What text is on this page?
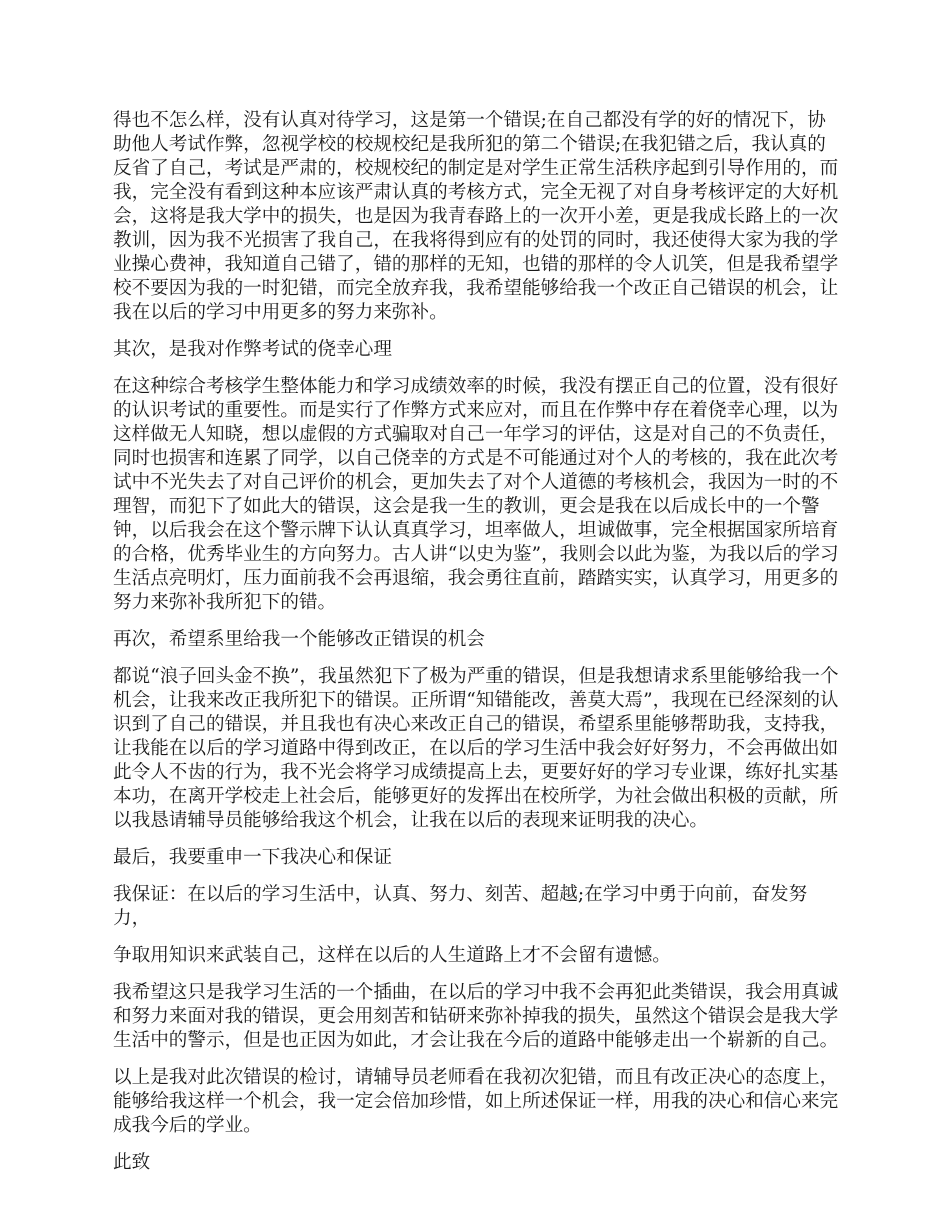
得也不怎么样，没有认真对待学习，这是第一个错误;在自己都没有学的好的情况下，协助他人考试作弊，忽视学校的校规校纪是我所犯的第二个错误;在我犯错之后，我认真的反省了自己，考试是严肃的，校规校纪的制定是对学生正常生活秩序起到引导作用的，而我，完全没有看到这种本应该严肃认真的考核方式，完全无视了对自身考核评定的大好机会，这将是我大学中的损失，也是因为我青春路上的一次开小差，更是我成长路上的一次教训，因为我不光损害了我自己，在我将得到应有的处罚的同时，我还使得大家为我的学业操心费神，我知道自己错了，错的那样的无知，也错的那样的令人讥笑，但是我希望学校不要因为我的一时犯错，而完全放弃我，我希望能够给我一个改正自己错误的机会，让我在以后的学习中用更多的努力来弥补。

其次，是我对作弊考试的侥幸心理

在这种综合考核学生整体能力和学习成绩效率的时候，我没有摆正自己的位置，没有很好的认识考试的重要性。而是实行了作弊方式来应对，而且在作弊中存在着侥幸心理，以为这样做无人知晓，想以虚假的方式骗取对自己一年学习的评估，这是对自己的不负责任，同时也损害和连累了同学，以自己侥幸的方式是不可能通过对个人的考核的，我在此次考试中不光失去了对自己评价的机会，更加失去了对个人道德的考核机会，我因为一时的不理智，而犯下了如此大的错误，这会是我一生的教训，更会是我在以后成长中的一个警钟，以后我会在这个警示牌下认认真真学习，坦率做人，坦诚做事，完全根据国家所培育的合格，优秀毕业生的方向努力。古人讲“以史为鉴”，我则会以此为鉴，为我以后的学习生活点亮明灯，压力面前我不会再退缩，我会勇往直前，踏踏实实，认真学习，用更多的努力来弥补我所犯下的错。

再次，希望系里给我一个能够改正错误的机会

都说“浪子回头金不换”，我虽然犯下了极为严重的错误，但是我想请求系里能够给我一个机会，让我来改正我所犯下的错误。正所谓“知错能改，善莫大焉”，我现在已经深刻的认识到了自己的错误，并且我也有决心来改正自己的错误，希望系里能够帮助我，支持我，让我能在以后的学习道路中得到改正，在以后的学习生活中我会好好努力，不会再做出如此令人不齿的行为，我不光会将学习成绩提高上去，更要好好的学习专业课，练好扎实基本功，在离开学校走上社会后，能够更好的发挥出在校所学，为社会做出积极的贡献，所以我恳请辅导员能够给我这个机会，让我在以后的表现来证明我的决心。

最后，我要重申一下我决心和保证

我保证：在以后的学习生活中，认真、努力、刻苦、超越;在学习中勇于向前，奋发努力，

争取用知识来武装自己，这样在以后的人生道路上才不会留有遗憾。

我希望这只是我学习生活的一个插曲，在以后的学习中我不会再犯此类错误，我会用真诚和努力来面对我的错误，更会用刻苦和钻研来弥补掉我的损失，虽然这个错误会是我大学生活中的警示，但是也正因为如此，才会让我在今后的道路中能够走出一个崭新的自己。

以上是我对此次错误的检讨，请辅导员老师看在我初次犯错，而且有改正决心的态度上，能够给我这样一个机会，我一定会倍加珍惜，如上所述保证一样，用我的决心和信心来完成我今后的学业。

此致
